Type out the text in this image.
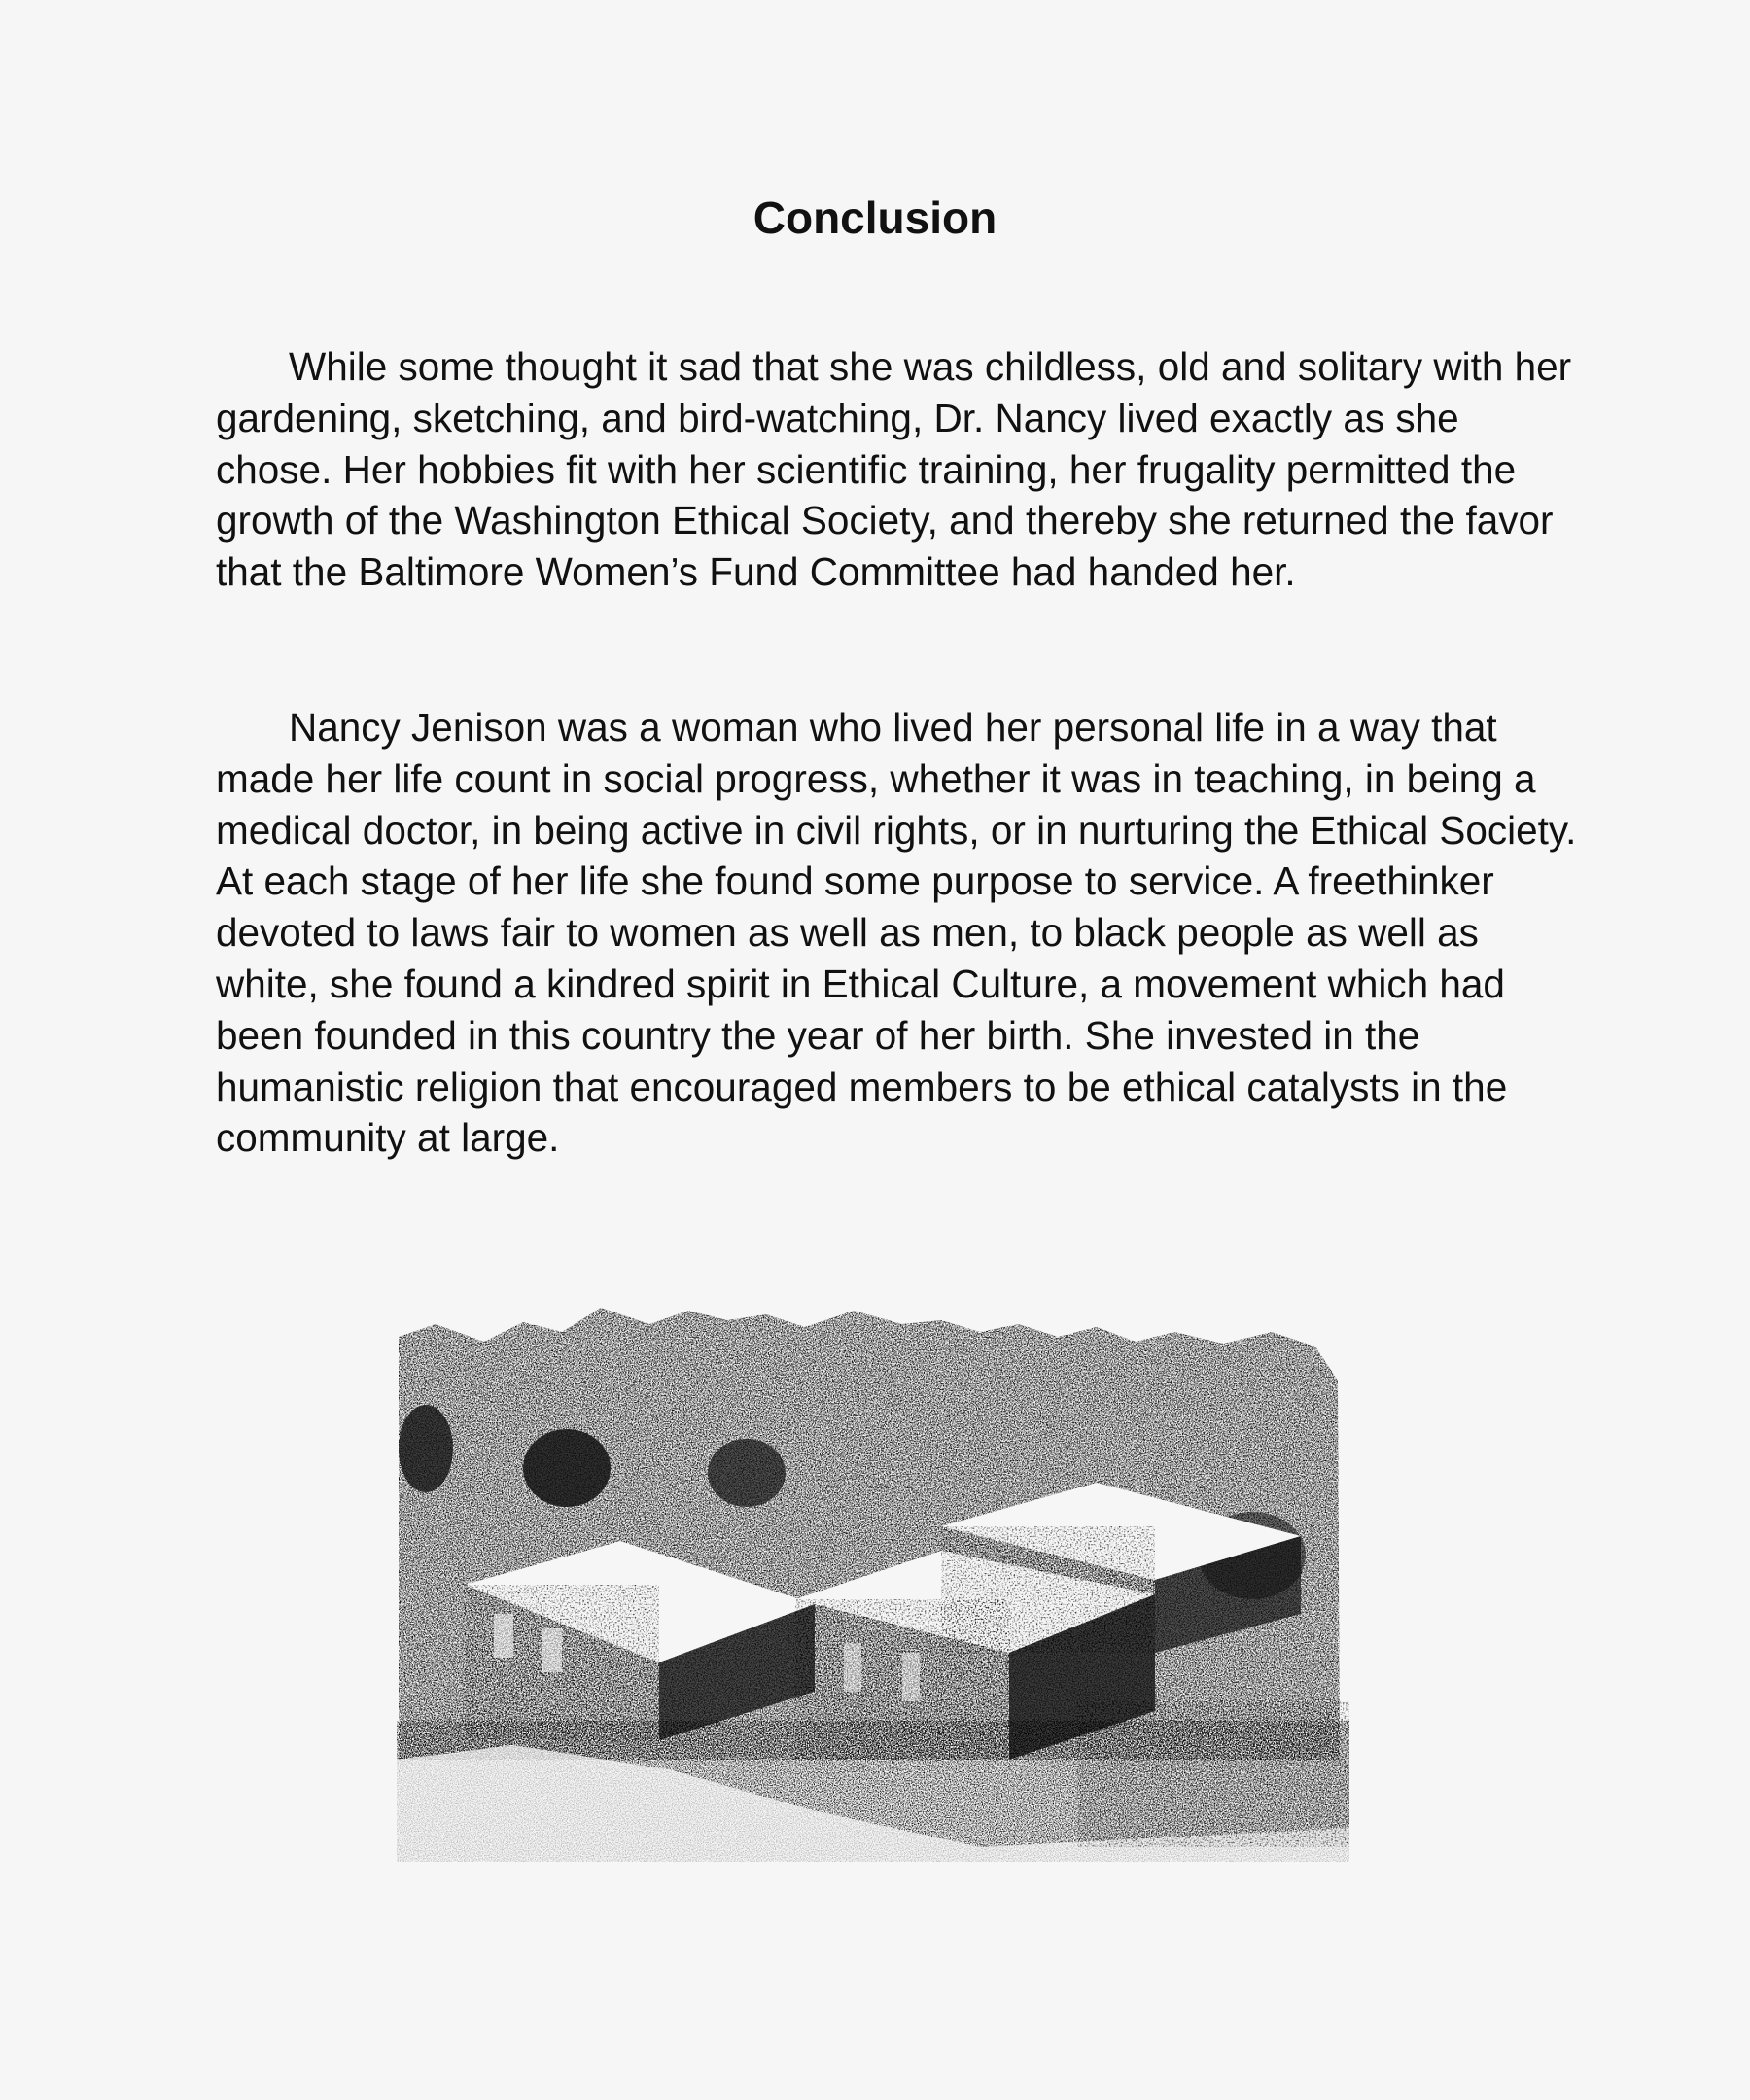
Conclusion

While some thought it sad that she was childless, old and solitary with her gardening, sketching, and bird-watching, Dr. Nancy lived exactly as she chose. Her hobbies fit with her scientific training, her frugality permitted the growth of the Washington Ethical Society, and thereby she returned the favor that the Baltimore Women’s Fund Committee had handed her.

Nancy Jenison was a woman who lived her personal life in a way that made her life count in social progress, whether it was in teaching, in being a medical doctor, in being active in civil rights, or in nurturing the Ethical Society. At each stage of her life she found some purpose to service. A freethinker devoted to laws fair to women as well as men, to black people as well as white, she found a kindred spirit in Ethical Culture, a movement which had been founded in this country the year of her birth. She invested in the humanistic religion that encouraged members to be ethical catalysts in the community at large.
